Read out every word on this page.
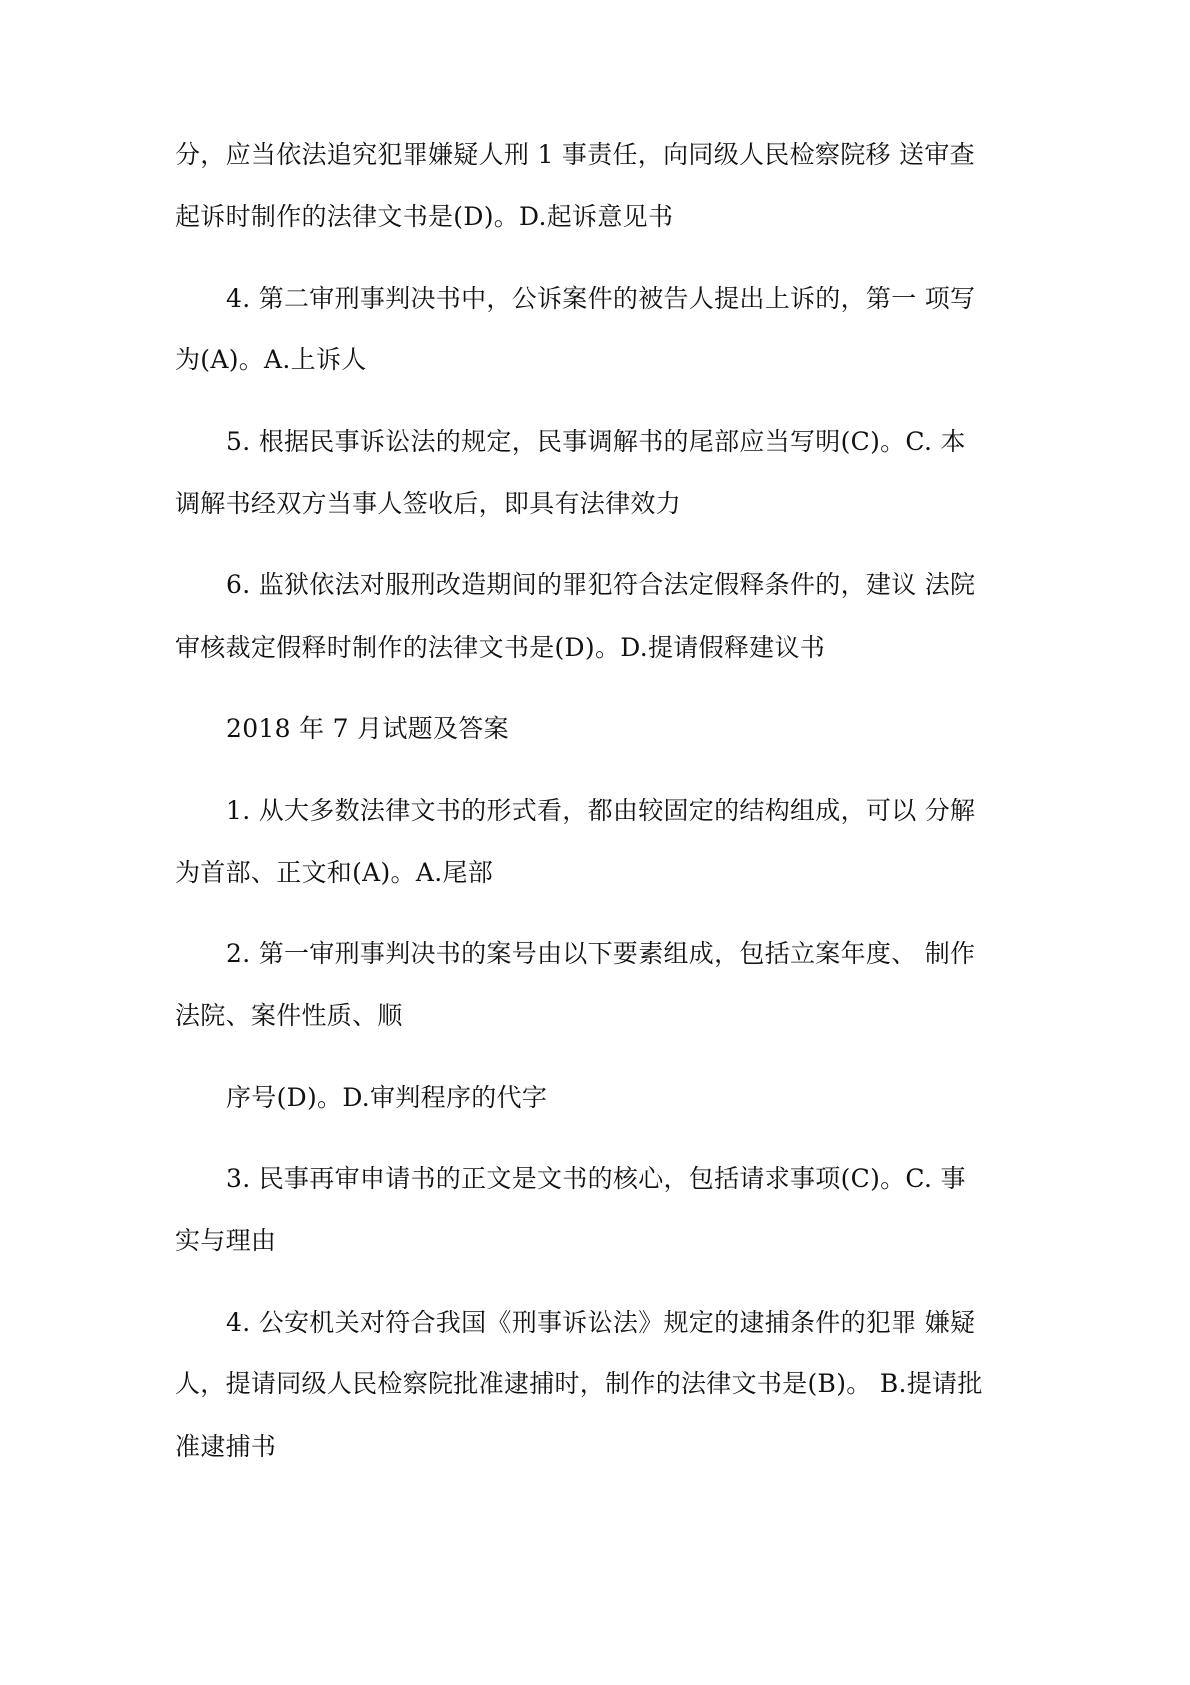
分，应当依法追究犯罪嫌疑人刑 1 事责任，向同级人民检察院移 送审查
起诉时制作的法律文书是(D)。D.起诉意见书
4. 第二审刑事判决书中，公诉案件的被告人提出上诉的，第一 项写
为(A)。A.上诉人
5. 根据民事诉讼法的规定，民事调解书的尾部应当写明(C)。C. 本
调解书经双方当事人签收后，即具有法律效力
6. 监狱依法对服刑改造期间的罪犯符合法定假释条件的，建议 法院
审核裁定假释时制作的法律文书是(D)。D.提请假释建议书
2018 年 7 月试题及答案
1. 从大多数法律文书的形式看，都由较固定的结构组成，可以 分解
为首部、正文和(A)。A.尾部
2. 第一审刑事判决书的案号由以下要素组成，包括立案年度、 制作
法院、案件性质、顺
序号(D)。D.审判程序的代字
3. 民事再审申请书的正文是文书的核心，包括请求事项(C)。C. 事
实与理由
4. 公安机关对符合我国《刑事诉讼法》规定的逮捕条件的犯罪 嫌疑
人，提请同级人民检察院批准逮捕时，制作的法律文书是(B)。 B.提请批
准逮捕书
